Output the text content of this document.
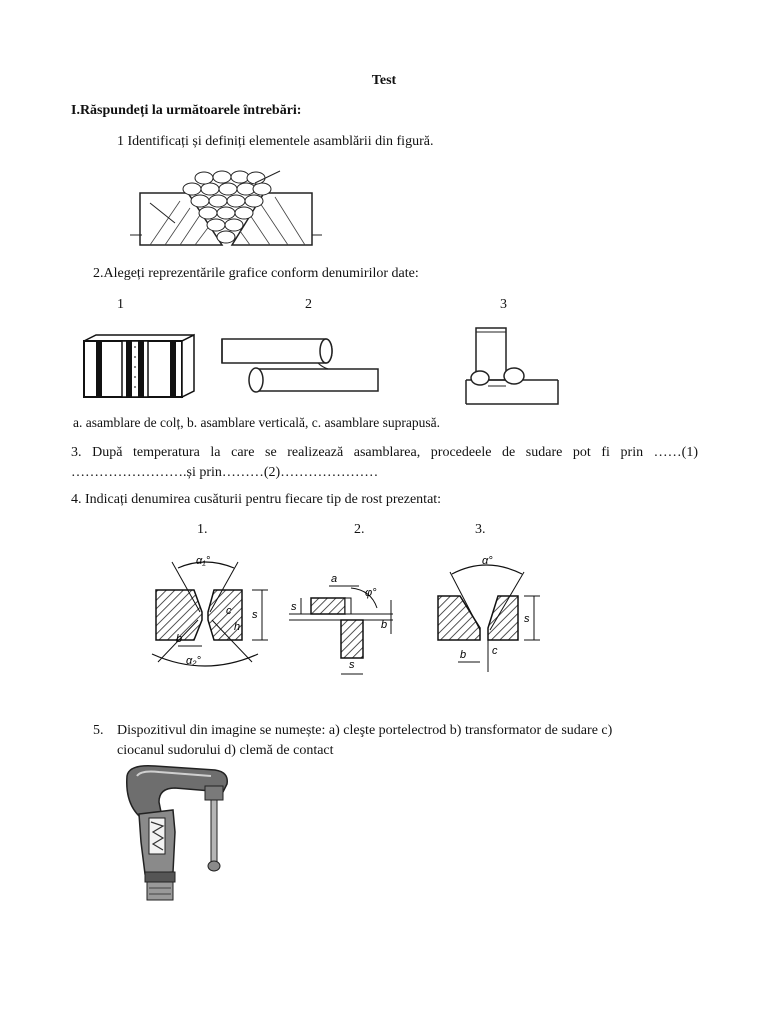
Test
I.Răspundeți la următoarele întrebări:
1 Identificați și definiți elementele asamblării din figură.
2.Alegeți reprezentările grafice conform denumirilor date:
1	2	3
a. asamblare de colț, b. asamblare verticală, c. asamblare suprapusă.
3. După temperatura la care se realizează asamblarea, procedeele de sudare pot fi prin ……(1) …………………….și prin………(2)…………………
4. Indicați denumirea cusăturii pentru fiecare tip de rost prezentat:
1.	2.	3.
α₁°
α₂°
s
c
h
b
a
s
φ°
b
s
α°
s
b c
5. Dispozitivul din imagine se numește: a) cleşte portelectrod b) transformator de sudare c)
ciocanul sudorului d) clemă de contact
